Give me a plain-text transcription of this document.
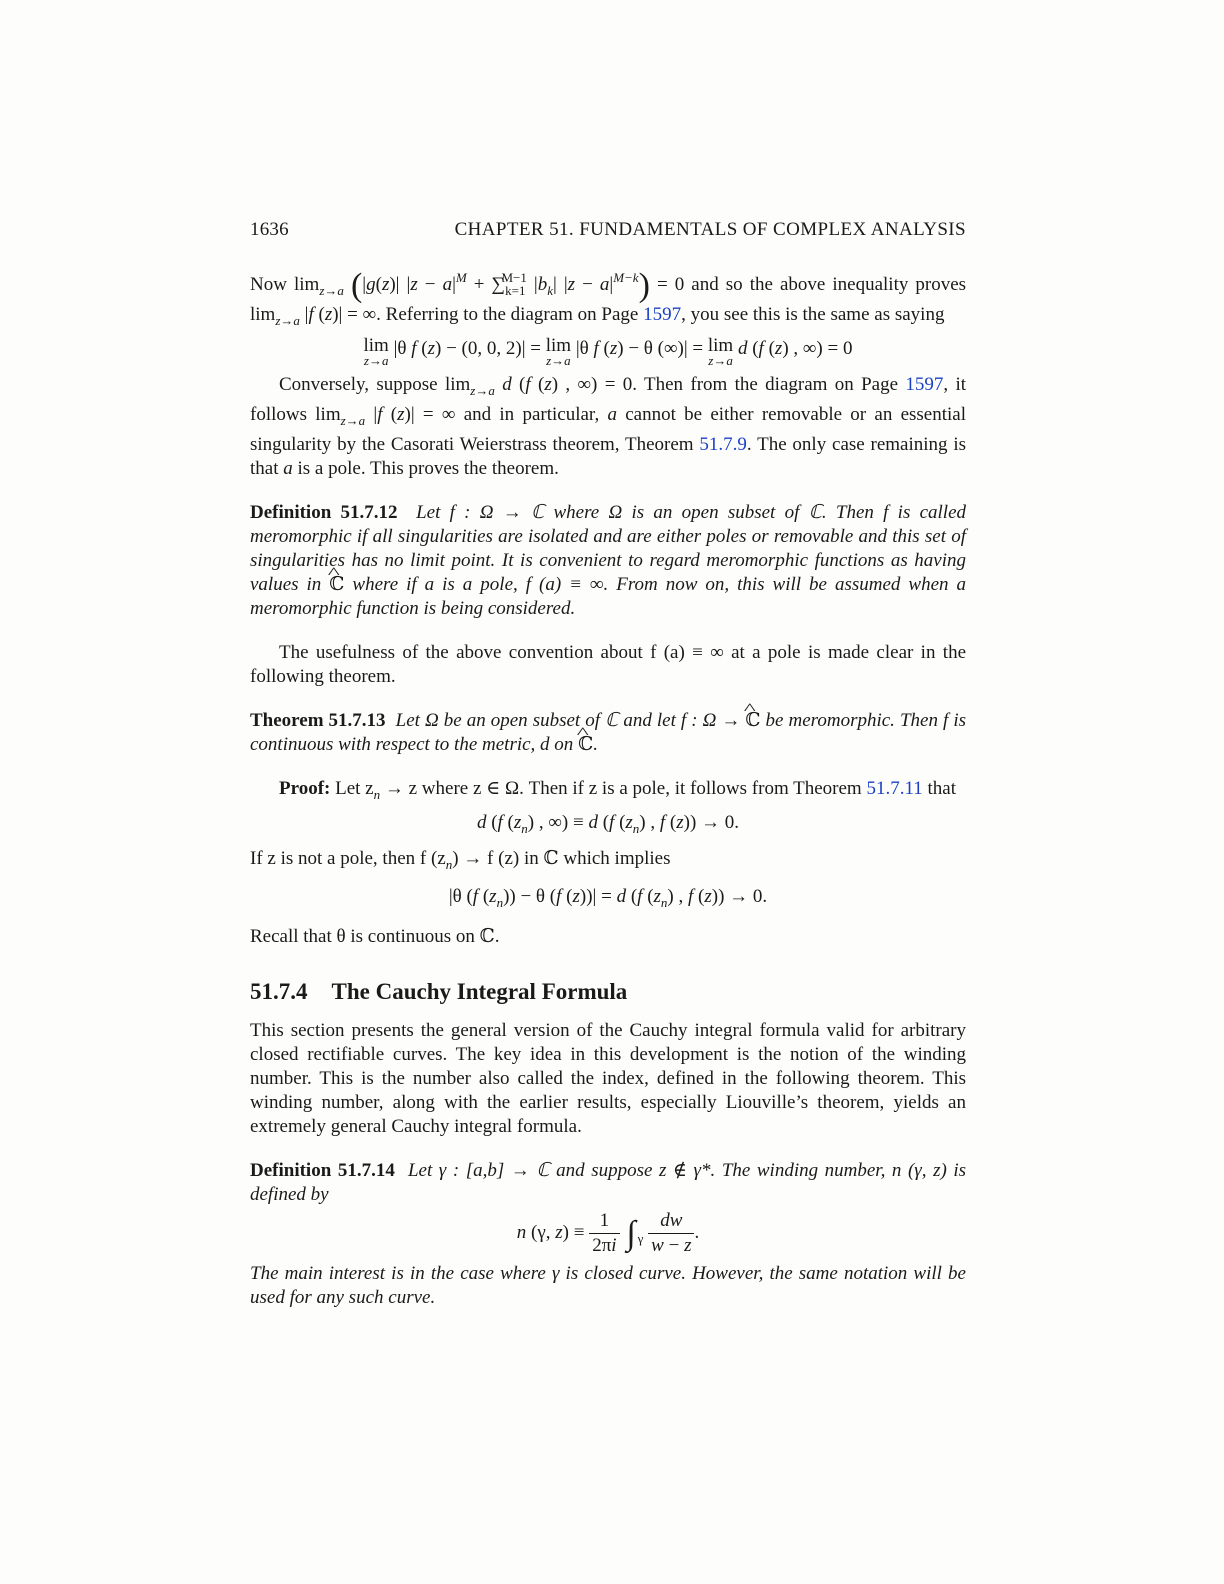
1636	CHAPTER 51. FUNDAMENTALS OF COMPLEX ANALYSIS

Now $\lim_{z\to a} (|g(z)|$ $|z - a|^M + \sum_{k=1}^{M-1}$ $|b_k|$ $|z - a|^{M-k}) = 0$ and so the above inequality proves $\lim_{z\to a} |f$ (z)| = ∞. Referring to the diagram on Page 1597, you see this is the same as saying

lim
z→a
|θ f (z) − (0, 0, 2)| = lim
z→a
|θ f (z) − θ (∞)| = lim
z→a
d (f (z) , ∞) = 0

Conversely, suppose $\lim_{z\to a} d$ (f (z) , ∞) = 0. Then from the diagram on Page 1597, it follows $\lim_{z\to a} |f$ (z)| = ∞ and in particular, a cannot be either removable or an essential singularity by the Casorati Weierstrass theorem, Theorem 51.7.9. The only case remaining is that a is a pole. This proves the theorem.

Definition 51.7.12 Let f : Ω → ℂ where Ω is an open subset of ℂ. Then f is called meromorphic if all singularities are isolated and are either poles or removable and this set of singularities has no limit point. It is convenient to regard meromorphic functions as having values in ^ ℂ where if a is a pole, f (a) ≡ ∞. From now on, this will be assumed when a meromorphic function is being considered.

The usefulness of the above convention about f (a) ≡ ∞ at a pole is made clear in the following theorem.

Theorem 51.7.13 Let Ω be an open subset of ℂ and let f : Ω → ^ ℂ be meromorphic. Then f is continuous with respect to the metric, d on ^ ℂ.

Proof: Let $z_n \to z$ where z ∈ Ω. Then if z is a pole, it follows from Theorem 51.7.11 that

d (f $(z_n)$ , ∞) ≡ d (f $(z_n)$ , f (z)) → 0.

If z is not a pole, then f $(z_n) \to f$ (z) in ℂ which implies

|θ (f $(z_n)) - \theta$ (f (z))| = d (f $(z_n)$ , f (z)) → 0.

Recall that θ is continuous on ℂ.

51.7.4 The Cauchy Integral Formula

This section presents the general version of the Cauchy integral formula valid for arbitrary closed rectifiable curves. The key idea in this development is the notion of the winding number. This is the number also called the index, defined in the following theorem. This winding number, along with the earlier results, especially Liouville’s theorem, yields an extremely general Cauchy integral formula.

Definition 51.7.14 Let γ : [a,b] → ℂ and suppose z ∉ γ*. The winding number, n (γ, z) is defined by

n (γ, $z) \equiv \frac{1}{2\pi i}$ ∫ $_\gamma \frac{dw}{w - z}$ .

The main interest is in the case where γ is closed curve. However, the same notation will be used for any such curve.
